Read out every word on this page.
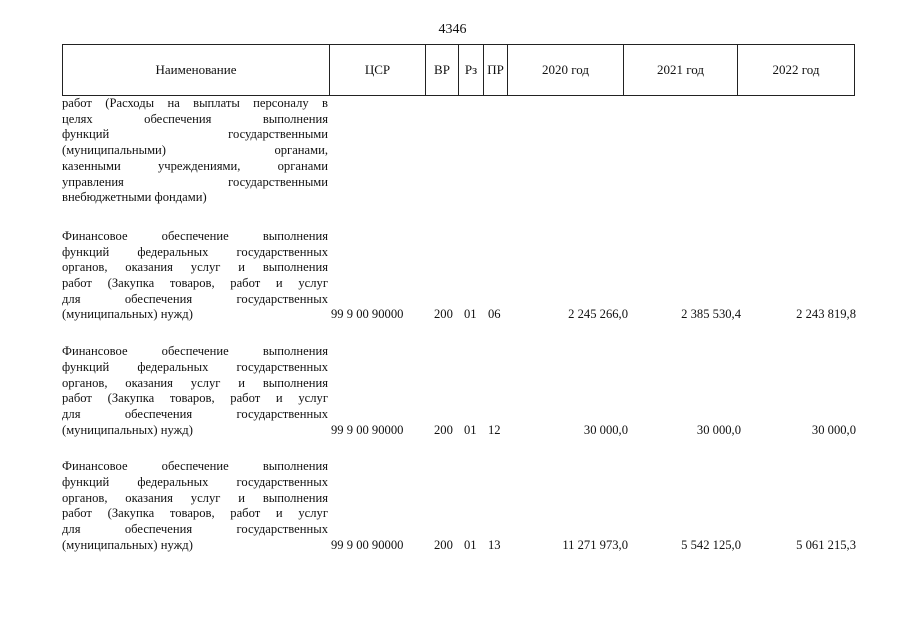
4346
Наименование	ЦСР	ВР	Рз	ПР	2020 год	2021 год	2022 год
работ (Расходы на выплаты персоналу в
целях обеспечения выполнения
функций государственными
(муниципальными) органами,
казенными учреждениями, органами
управления государственными
внебюджетными фондами)
Финансовое обеспечение выполнения
функций федеральных государственных
органов, оказания услуг и выполнения
работ (Закупка товаров, работ и услуг
для обеспечения государственных
(муниципальных) нужд)	99 9 00 90000	200 01 06	2 245 266,0	2 385 530,4	2 243 819,8
Финансовое обеспечение выполнения
функций федеральных государственных
органов, оказания услуг и выполнения
работ (Закупка товаров, работ и услуг
для обеспечения государственных
(муниципальных) нужд)	99 9 00 90000	200 01 12	30 000,0	30 000,0	30 000,0
Финансовое обеспечение выполнения
функций федеральных государственных
органов, оказания услуг и выполнения
работ (Закупка товаров, работ и услуг
для обеспечения государственных
(муниципальных) нужд)	99 9 00 90000	200 01 13	11 271 973,0	5 542 125,0	5 061 215,3
